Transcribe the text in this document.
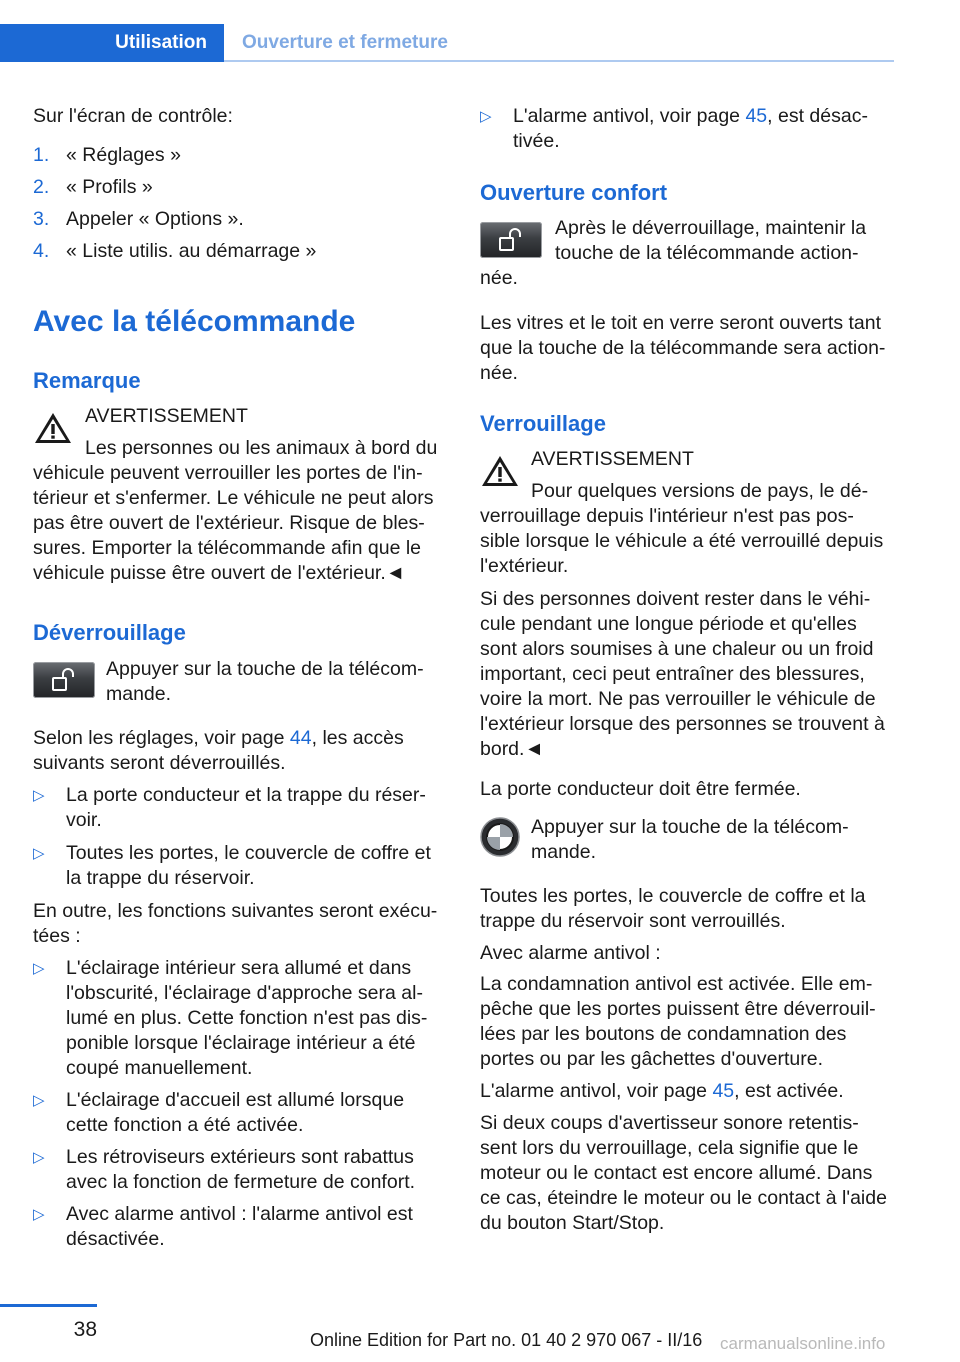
Utilisation Ouverture et fermeture

Sur l'écran de contrôle:

1. « Réglages »
2. « Profils »
3. Appeler « Options ».
4. « Liste utilis. au démarrage »
Avec la télécommande
Remarque

AVERTISSEMENT

Les personnes ou les animaux à bord du

véhicule peuvent verrouiller les portes de l'in-

térieur et s'enfermer. Le véhicule ne peut alors

pas être ouvert de l'extérieur. Risque de bles-

sures. Emporter la télécommande afin que le

véhicule puisse être ouvert de l'extérieur.◄

Déverrouillage

Appuyer sur la touche de la télécom-

mande.

Selon les réglages, voir page 44, les accès

suivants seront déverrouillés.

▷ La porte conducteur et la trappe du réser-voir.
▷ Toutes les portes, le couvercle de coffre et la trappe du réservoir.

En outre, les fonctions suivantes seront exécu-

tées :

▷ L'éclairage intérieur sera allumé et dans l'obscurité, l'éclairage d'approche sera al-lumé en plus. Cette fonction n'est pas dis-ponible lorsque l'éclairage intérieur a été coupé manuellement.
▷ L'éclairage d'accueil est allumé lorsque cette fonction a été activée.
▷ Les rétroviseurs extérieurs sont rabattus avec la fonction de fermeture de confort.
▷ Avec alarme antivol : l'alarme antivol est désactivée.
▷ L'alarme antivol, voir page 45, est désac-

tivée.

Ouverture confort

Après le déverrouillage, maintenir la

touche de la télécommande action-

née.

Les vitres et le toit en verre seront ouverts tant

que la touche de la télécommande sera action-

née.

Verrouillage

AVERTISSEMENT

Pour quelques versions de pays, le dé-

verrouillage depuis l'intérieur n'est pas pos-

sible lorsque le véhicule a été verrouillé depuis

l'extérieur.

Si des personnes doivent rester dans le véhi-

cule pendant une longue période et qu'elles

sont alors soumises à une chaleur ou un froid

important, ceci peut entraîner des blessures,

voire la mort. Ne pas verrouiller le véhicule de

l'extérieur lorsque des personnes se trouvent à

bord.◄

La porte conducteur doit être fermée.

Appuyer sur la touche de la télécom-

mande.

Toutes les portes, le couvercle de coffre et la

trappe du réservoir sont verrouillés.

Avec alarme antivol :

La condamnation antivol est activée. Elle em-

pêche que les portes puissent être déverrouil-

lées par les boutons de condamnation des

portes ou par les gâchettes d'ouverture.

L'alarme antivol, voir page 45, est activée.

Si deux coups d'avertisseur sonore retentis-

sent lors du verrouillage, cela signifie que le

moteur ou le contact est encore allumé. Dans

ce cas, éteindre le moteur ou le contact à l'aide

du bouton Start/Stop.

38	Online Edition for Part no. 01 40 2 970 067 - II/16 carmanualsonline.info
